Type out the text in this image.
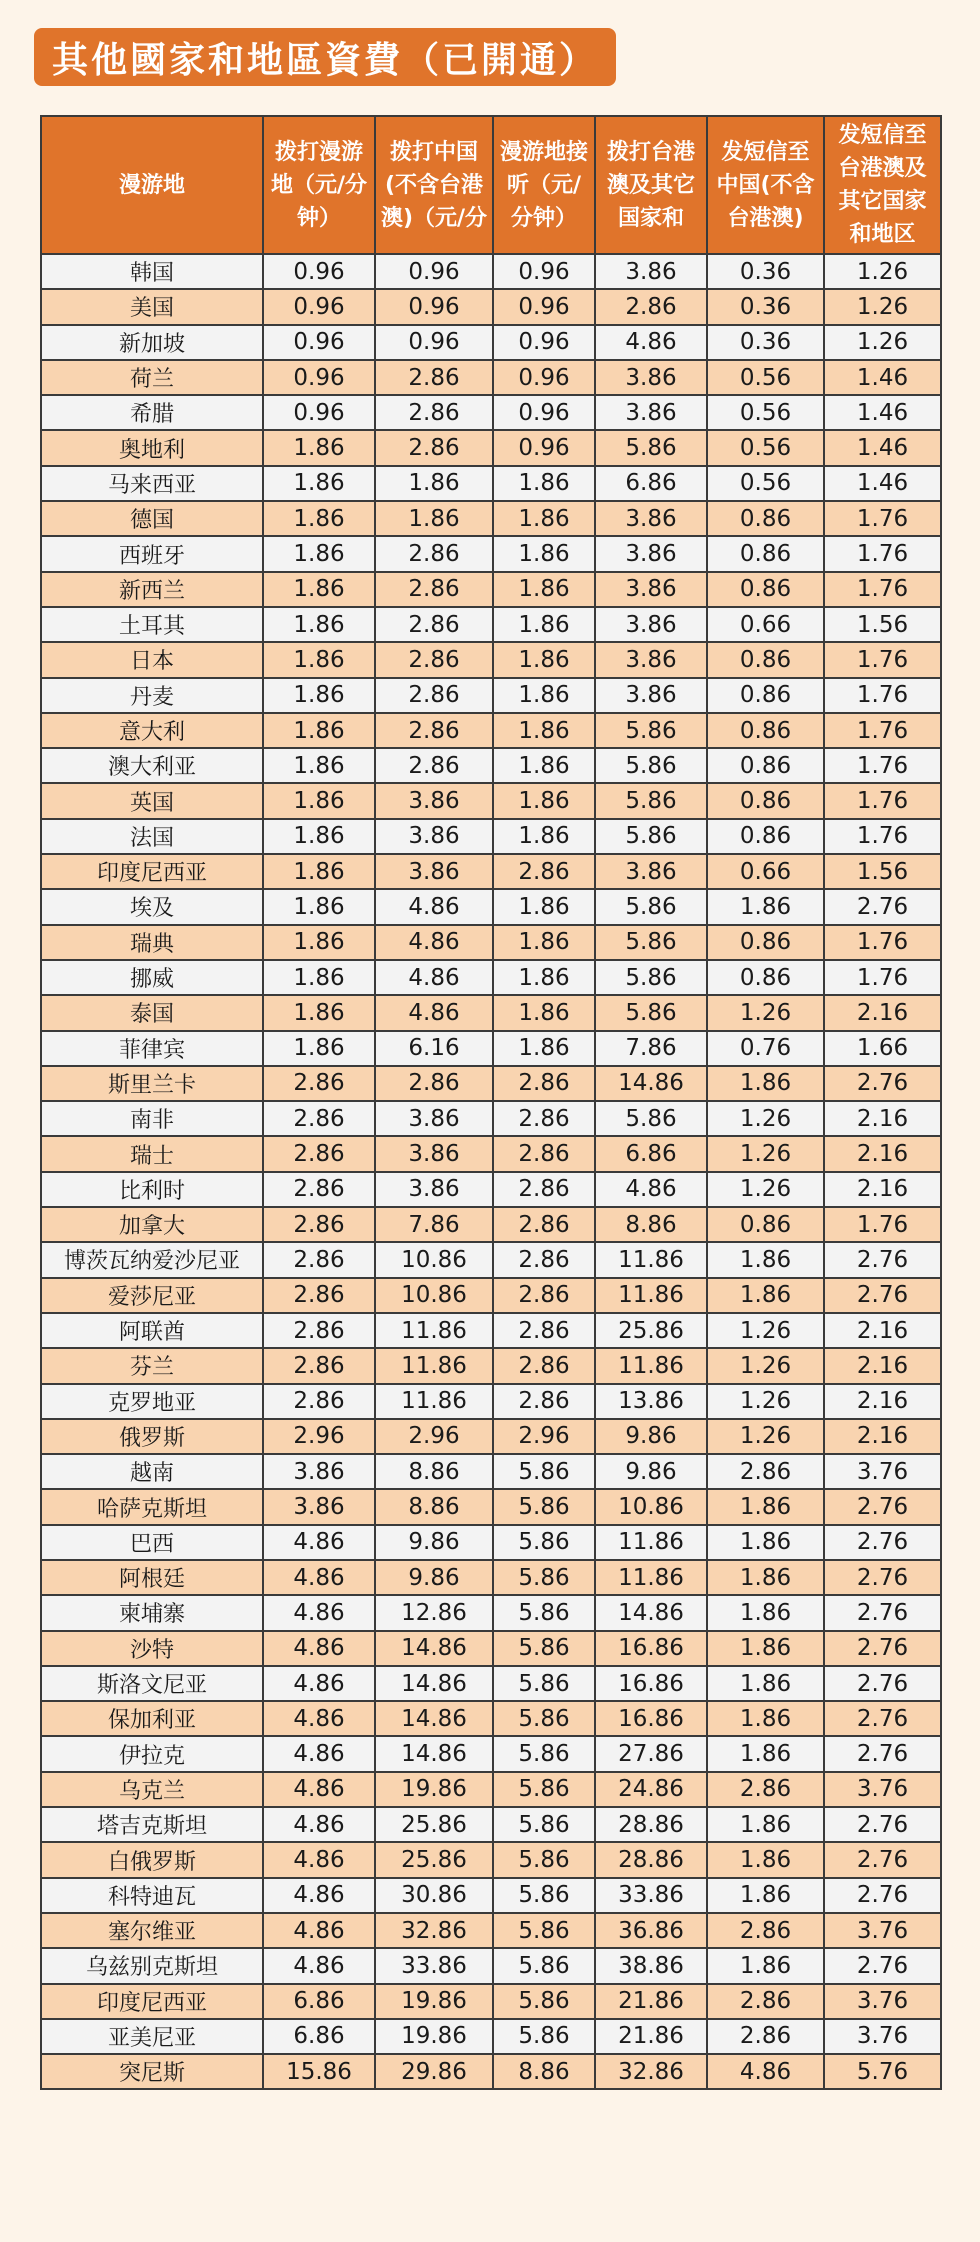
其他國家和地區資費（已開通）
漫游地	拨打漫游地（元/分钟）	拨打中国(不含台港澳)（元/分	漫游地接听（元/分钟）	拨打台港澳及其它国家和	发短信至中国(不含台港澳)	发短信至台港澳及其它国家和地区
韩国	0.96	0.96	0.96	3.86	0.36	1.26
美国	0.96	0.96	0.96	2.86	0.36	1.26
新加坡	0.96	0.96	0.96	4.86	0.36	1.26
荷兰	0.96	2.86	0.96	3.86	0.56	1.46
希腊	0.96	2.86	0.96	3.86	0.56	1.46
奥地利	1.86	2.86	0.96	5.86	0.56	1.46
马来西亚	1.86	1.86	1.86	6.86	0.56	1.46
德国	1.86	1.86	1.86	3.86	0.86	1.76
西班牙	1.86	2.86	1.86	3.86	0.86	1.76
新西兰	1.86	2.86	1.86	3.86	0.86	1.76
土耳其	1.86	2.86	1.86	3.86	0.66	1.56
日本	1.86	2.86	1.86	3.86	0.86	1.76
丹麦	1.86	2.86	1.86	3.86	0.86	1.76
意大利	1.86	2.86	1.86	5.86	0.86	1.76
澳大利亚	1.86	2.86	1.86	5.86	0.86	1.76
英国	1.86	3.86	1.86	5.86	0.86	1.76
法国	1.86	3.86	1.86	5.86	0.86	1.76
印度尼西亚	1.86	3.86	2.86	3.86	0.66	1.56
埃及	1.86	4.86	1.86	5.86	1.86	2.76
瑞典	1.86	4.86	1.86	5.86	0.86	1.76
挪威	1.86	4.86	1.86	5.86	0.86	1.76
泰国	1.86	4.86	1.86	5.86	1.26	2.16
菲律宾	1.86	6.16	1.86	7.86	0.76	1.66
斯里兰卡	2.86	2.86	2.86	14.86	1.86	2.76
南非	2.86	3.86	2.86	5.86	1.26	2.16
瑞士	2.86	3.86	2.86	6.86	1.26	2.16
比利时	2.86	3.86	2.86	4.86	1.26	2.16
加拿大	2.86	7.86	2.86	8.86	0.86	1.76
博茨瓦纳爱沙尼亚	2.86	10.86	2.86	11.86	1.86	2.76
爱莎尼亚	2.86	10.86	2.86	11.86	1.86	2.76
阿联酋	2.86	11.86	2.86	25.86	1.26	2.16
芬兰	2.86	11.86	2.86	11.86	1.26	2.16
克罗地亚	2.86	11.86	2.86	13.86	1.26	2.16
俄罗斯	2.96	2.96	2.96	9.86	1.26	2.16
越南	3.86	8.86	5.86	9.86	2.86	3.76
哈萨克斯坦	3.86	8.86	5.86	10.86	1.86	2.76
巴西	4.86	9.86	5.86	11.86	1.86	2.76
阿根廷	4.86	9.86	5.86	11.86	1.86	2.76
柬埔寨	4.86	12.86	5.86	14.86	1.86	2.76
沙特	4.86	14.86	5.86	16.86	1.86	2.76
斯洛文尼亚	4.86	14.86	5.86	16.86	1.86	2.76
保加利亚	4.86	14.86	5.86	16.86	1.86	2.76
伊拉克	4.86	14.86	5.86	27.86	1.86	2.76
乌克兰	4.86	19.86	5.86	24.86	2.86	3.76
塔吉克斯坦	4.86	25.86	5.86	28.86	1.86	2.76
白俄罗斯	4.86	25.86	5.86	28.86	1.86	2.76
科特迪瓦	4.86	30.86	5.86	33.86	1.86	2.76
塞尔维亚	4.86	32.86	5.86	36.86	2.86	3.76
乌兹别克斯坦	4.86	33.86	5.86	38.86	1.86	2.76
印度尼西亚	6.86	19.86	5.86	21.86	2.86	3.76
亚美尼亚	6.86	19.86	5.86	21.86	2.86	3.76
突尼斯	15.86	29.86	8.86	32.86	4.86	5.76
